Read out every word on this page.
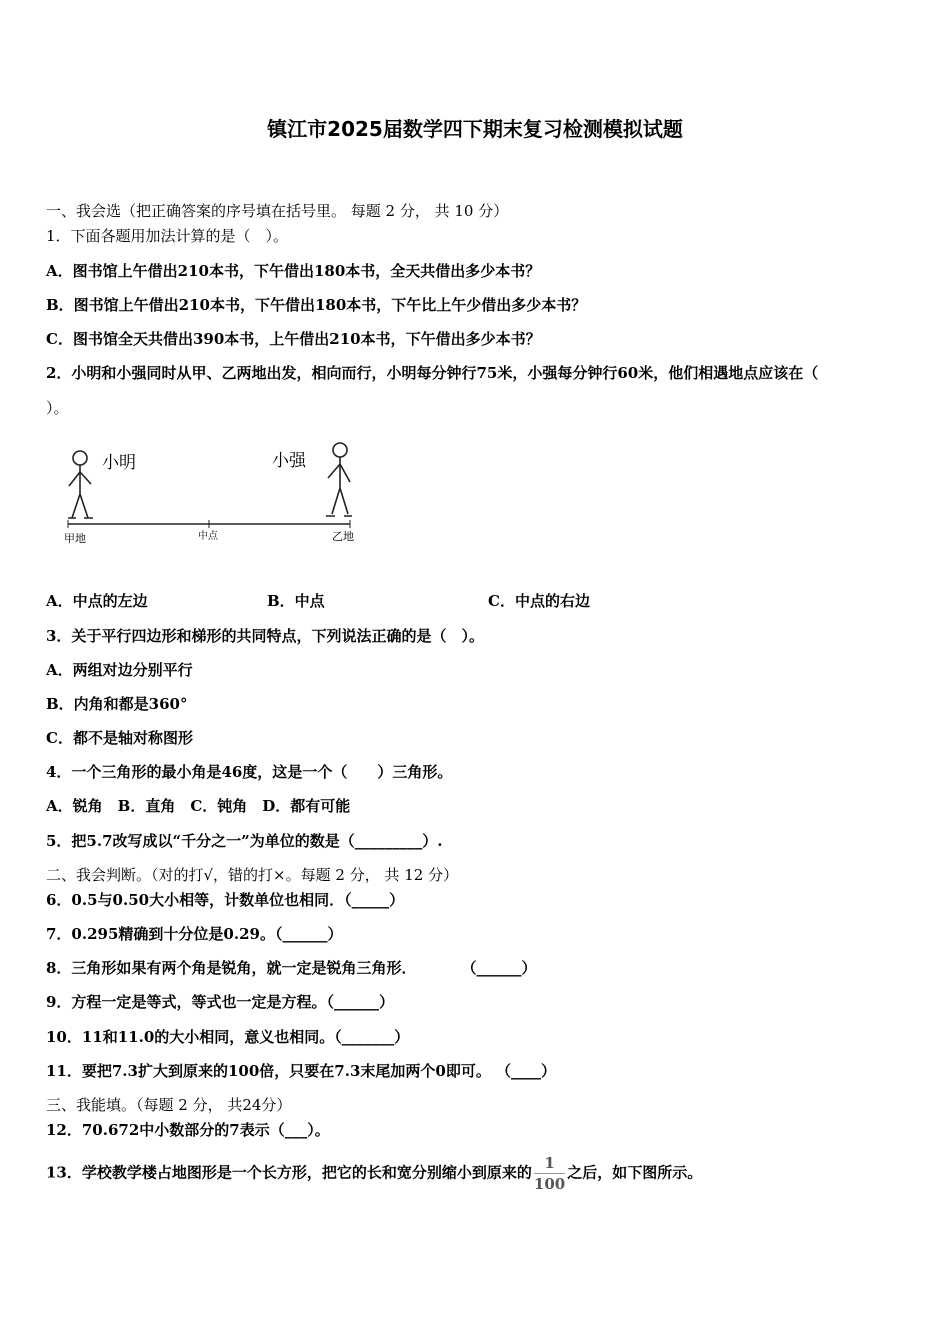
镇江市2025届数学四下期末复习检测模拟试题
一、我会选（把正确答案的序号填在括号里。 每题 2 分， 共 10 分）
1．下面各题用加法计算的是（　）。
A．图书馆上午借出210本书，下午借出180本书，全天共借出多少本书？
B．图书馆上午借出210本书，下午借出180本书，下午比上午少借出多少本书？
C．图书馆全天共借出390本书，上午借出210本书，下午借出多少本书？
2．小明和小强同时从甲、乙两地出发，相向而行，小明每分钟行75米，小强每分钟行60米，他们相遇地点应该在（
）。
小明	小强
甲地	中点	乙地
A．中点的左边	B．中点	C．中点的右边
3．关于平行四边形和梯形的共同特点，下列说法正确的是（　）。
A．两组对边分别平行
B．内角和都是360°
C．都不是轴对称图形
4．一个三角形的最小角是46度，这是一个（　　）三角形。
A．锐角　B．直角　C．钝角　D．都有可能
5．把5.7改写成以“千分之一”为单位的数是（_________）.
二、我会判断。（对的打√，错的打×。每题 2 分， 共 12 分）
6．0.5与0.50大小相等，计数单位也相同．（_____）
7．0.295精确到十分位是0.29。（______）
8．三角形如果有两个角是锐角，就一定是锐角三角形．　　　　（______）
9．方程一定是等式，等式也一定是方程。（______）
10．11和11.0的大小相同，意义也相同。（_______）
11．要把7.3扩大到原来的100倍，只要在7.3末尾加两个0即可。 （____）
三、我能填。（每题 2 分， 共24分）
12．70.672中小数部分的7表示（___）。
13．学校教学楼占地图形是一个长方形，把它的长和宽分别缩小到原来的 $\frac{1}{100}$ 之后，如下图所示。
